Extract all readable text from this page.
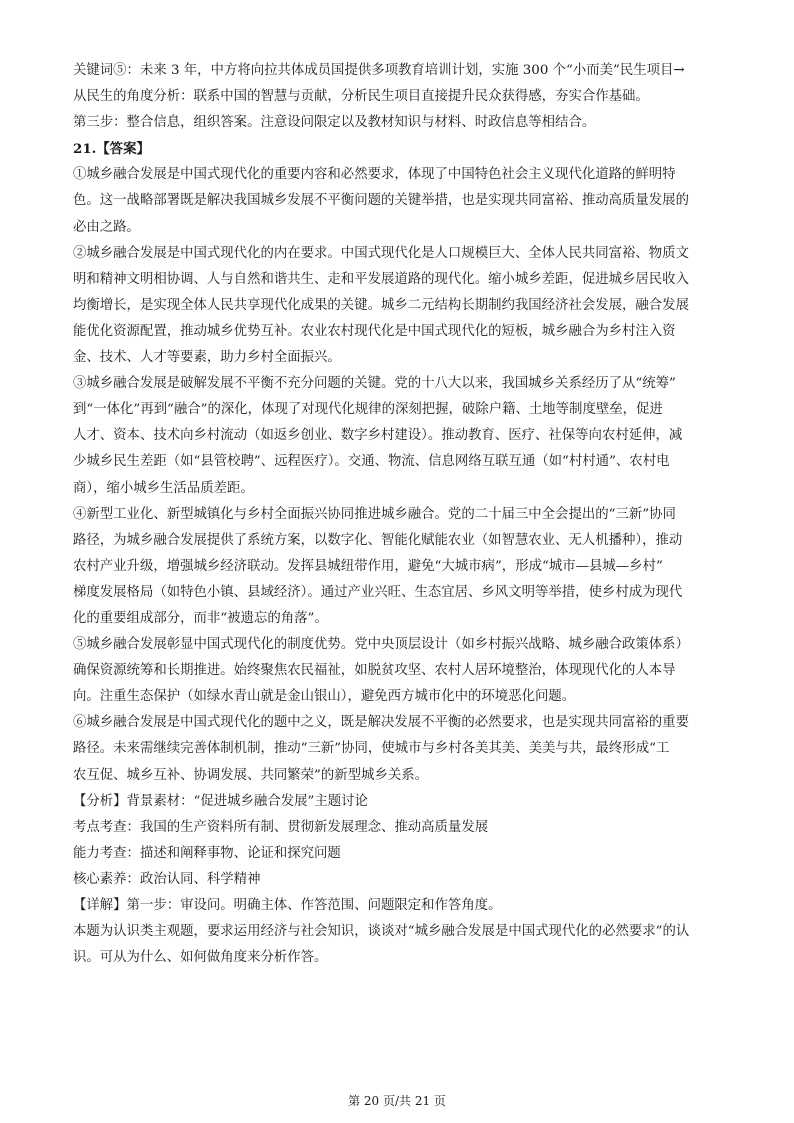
关键词⑤：未来 3 年，中方将向拉共体成员国提供多项教育培训计划，实施 300 个“小而美”民生项目→
从民生的角度分析：联系中国的智慧与贡献，分析民生项目直接提升民众获得感，夯实合作基础。
第三步：整合信息，组织答案。注意设问限定以及教材知识与材料、时政信息等相结合。
21.【答案】
①城乡融合发展是中国式现代化的重要内容和必然要求，体现了中国特色社会主义现代化道路的鲜明特
色。这一战略部署既是解决我国城乡发展不平衡问题的关键举措，也是实现共同富裕、推动高质量发展的
必由之路。
②城乡融合发展是中国式现代化的内在要求。中国式现代化是人口规模巨大、全体人民共同富裕、物质文
明和精神文明相协调、人与自然和谐共生、走和平发展道路的现代化。缩小城乡差距，促进城乡居民收入
均衡增长，是实现全体人民共享现代化成果的关键。城乡二元结构长期制约我国经济社会发展，融合发展
能优化资源配置，推动城乡优势互补。农业农村现代化是中国式现代化的短板，城乡融合为乡村注入资
金、技术、人才等要素，助力乡村全面振兴。
③城乡融合发展是破解发展不平衡不充分问题的关键。党的十八大以来，我国城乡关系经历了从“统筹”
到“一体化”再到“融合”的深化，体现了对现代化规律的深刻把握，破除户籍、土地等制度壁垒，促进
人才、资本、技术向乡村流动（如返乡创业、数字乡村建设）。推动教育、医疗、社保等向农村延伸，减
少城乡民生差距（如“县管校聘”、远程医疗）。交通、物流、信息网络互联互通（如“村村通”、农村电
商），缩小城乡生活品质差距。
④新型工业化、新型城镇化与乡村全面振兴协同推进城乡融合。党的二十届三中全会提出的“三新”协同
路径，为城乡融合发展提供了系统方案，以数字化、智能化赋能农业（如智慧农业、无人机播种），推动
农村产业升级，增强城乡经济联动。发挥县城纽带作用，避免“大城市病”，形成“城市—县城—乡村”
梯度发展格局（如特色小镇、县域经济）。通过产业兴旺、生态宜居、乡风文明等举措，使乡村成为现代
化的重要组成部分，而非“被遗忘的角落”。
⑤城乡融合发展彰显中国式现代化的制度优势。党中央顶层设计（如乡村振兴战略、城乡融合政策体系）
确保资源统筹和长期推进。始终聚焦农民福祉，如脱贫攻坚、农村人居环境整治，体现现代化的人本导
向。注重生态保护（如绿水青山就是金山银山），避免西方城市化中的环境恶化问题。
⑥城乡融合发展是中国式现代化的题中之义，既是解决发展不平衡的必然要求，也是实现共同富裕的重要
路径。未来需继续完善体制机制，推动“三新”协同，使城市与乡村各美其美、美美与共，最终形成“工
农互促、城乡互补、协调发展、共同繁荣”的新型城乡关系。
【分析】背景素材：“促进城乡融合发展”主题讨论
考点考查：我国的生产资料所有制、贯彻新发展理念、推动高质量发展
能力考查：描述和阐释事物、论证和探究问题
核心素养：政治认同、科学精神
【详解】第一步：审设问。明确主体、作答范围、问题限定和作答角度。
本题为认识类主观题，要求运用经济与社会知识，谈谈对“城乡融合发展是中国式现代化的必然要求”的认
识。可从为什么、如何做角度来分析作答。
第 20 页/共 21 页
